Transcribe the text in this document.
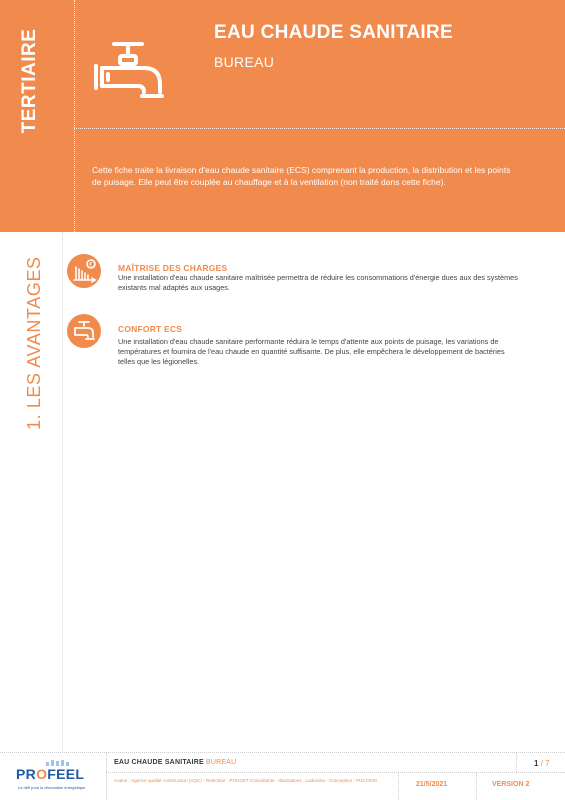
TERTIAIRE	EAU CHAUDE SANITAIRE
BUREAU
Cette fiche traite la livraison d'eau chaude sanitaire (ECS) comprenant la production, la distribution et les points de puisage. Elle peut être couplée au chauffage et à la ventilation (non traité dans cette fiche).
1. LES AVANTAGES	€	MAÎTRISE DES CHARGES
Une installation d'eau chaude sanitaire maîtrisée permettra de réduire les consommations d'énergie dues aux des systèmes existants mal adaptés aux usages.
CONFORT ECS
Une installation d'eau chaude sanitaire performante réduira le temps d'attente aux points de puisage, les variations de températures et fournira de l'eau chaude en quantité suffisante. De plus, elle empêchera le développement de bactéries telles que les légionelles.
PROFEEL
Le défi pour la rénovation énergétique
EAU CHAUDE SANITAIRE BUREAU	1 / 7
Auteur : Agence qualité construction (AQC) - Relecteur : POUGET Consultants - Illustrations : Ludovizia - Conception : PUCCINO
21/5/2021	VERSION 2
